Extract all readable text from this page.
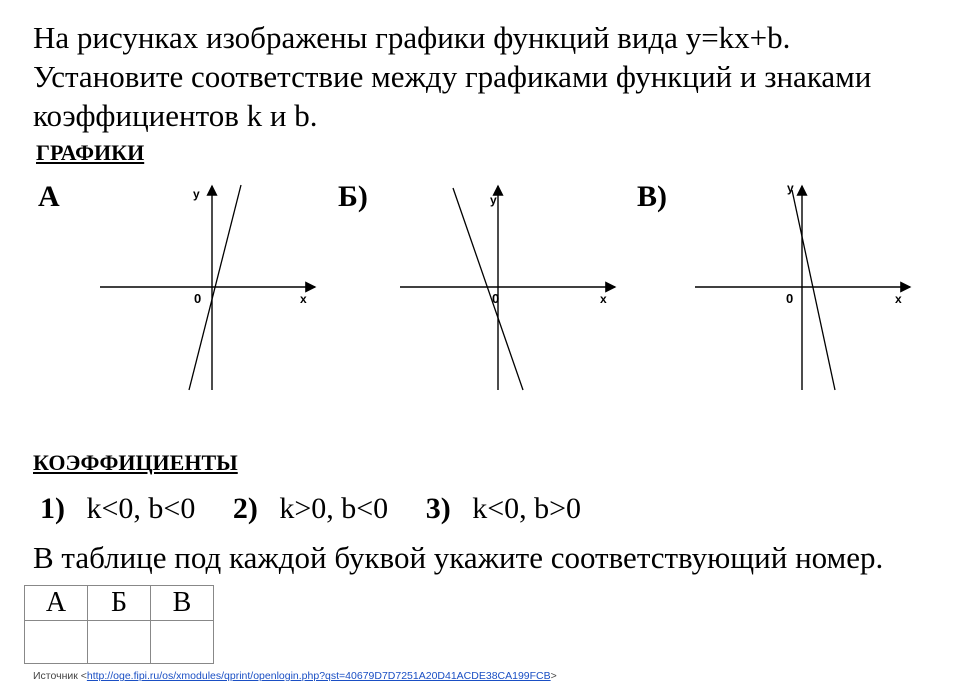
На рисунках изображены графики функций вида y=kx+b.
Установите соответствие между графиками функций и знаками
коэффициентов k и b.
ГРАФИКИ
А	Б)	В)
y
0	x
y
0	x
y
0	x
КОЭФФИЦИЕНТЫ
1) k<0, b<0 2) k>0, b<0 3) k<0, b>0
В таблице под каждой буквой укажите соответствующий номер.
А	Б	В

Источник <http://oge.fipi.ru/os/xmodules/qprint/openlogin.php?qst=40679D7D7251A20D41ACDE38CA199FCB>
